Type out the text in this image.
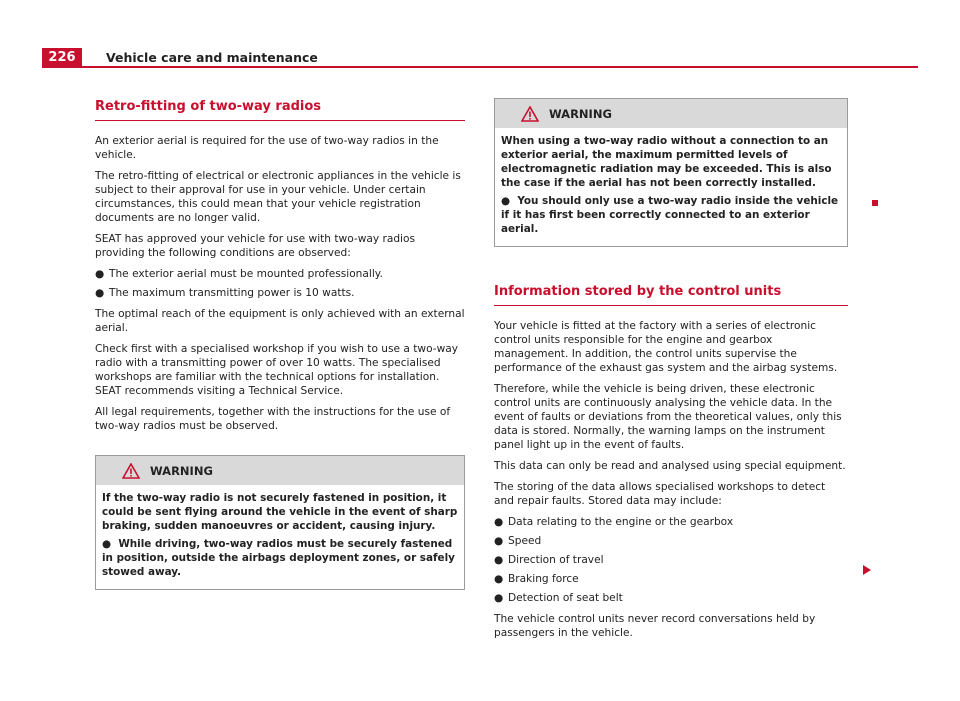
226	Vehicle care and maintenance
Retro-fitting of two-way radios

An exterior aerial is required for the use of two-way radios in the vehicle.

The retro-fitting of electrical or electronic appliances in the vehicle is subject to their approval for use in your vehicle. Under certain circumstances, this could mean that your vehicle registration documents are no longer valid.

SEAT has approved your vehicle for use with two-way radios providing the following conditions are observed:

● The exterior aerial must be mounted professionally.
● The maximum transmitting power is 10 watts.

The optimal reach of the equipment is only achieved with an external aerial.

Check first with a specialised workshop if you wish to use a two-way radio with a transmitting power of over 10 watts. The specialised workshops are familiar with the technical options for installation. SEAT recommends visiting a Technical Service.

All legal requirements, together with the instructions for the use of two-way radios must be observed.

WARNING

If the two-way radio is not securely fastened in position, it could be sent flying around the vehicle in the event of sharp braking, sudden manoeuvres or accident, causing injury.

●  While driving, two-way radios must be securely fastened in position, outside the airbags deployment zones, or safely stowed away.

WARNING

When using a two-way radio without a connection to an exterior aerial, the maximum permitted levels of electromagnetic radiation may be exceeded. This is also the case if the aerial has not been correctly installed.

●  You should only use a two-way radio inside the vehicle if it has first been correctly connected to an exterior aerial.

Information stored by the control units

Your vehicle is fitted at the factory with a series of electronic control units responsible for the engine and gearbox management. In addition, the control units supervise the performance of the exhaust gas system and the airbag systems.

Therefore, while the vehicle is being driven, these electronic control units are continuously analysing the vehicle data. In the event of faults or deviations from the theoretical values, only this data is stored. Normally, the warning lamps on the instrument panel light up in the event of faults.

This data can only be read and analysed using special equipment.

The storing of the data allows specialised workshops to detect and repair faults. Stored data may include:

● Data relating to the engine or the gearbox
● Speed
● Direction of travel
● Braking force
● Detection of seat belt

The vehicle control units never record conversations held by passengers in the vehicle.
